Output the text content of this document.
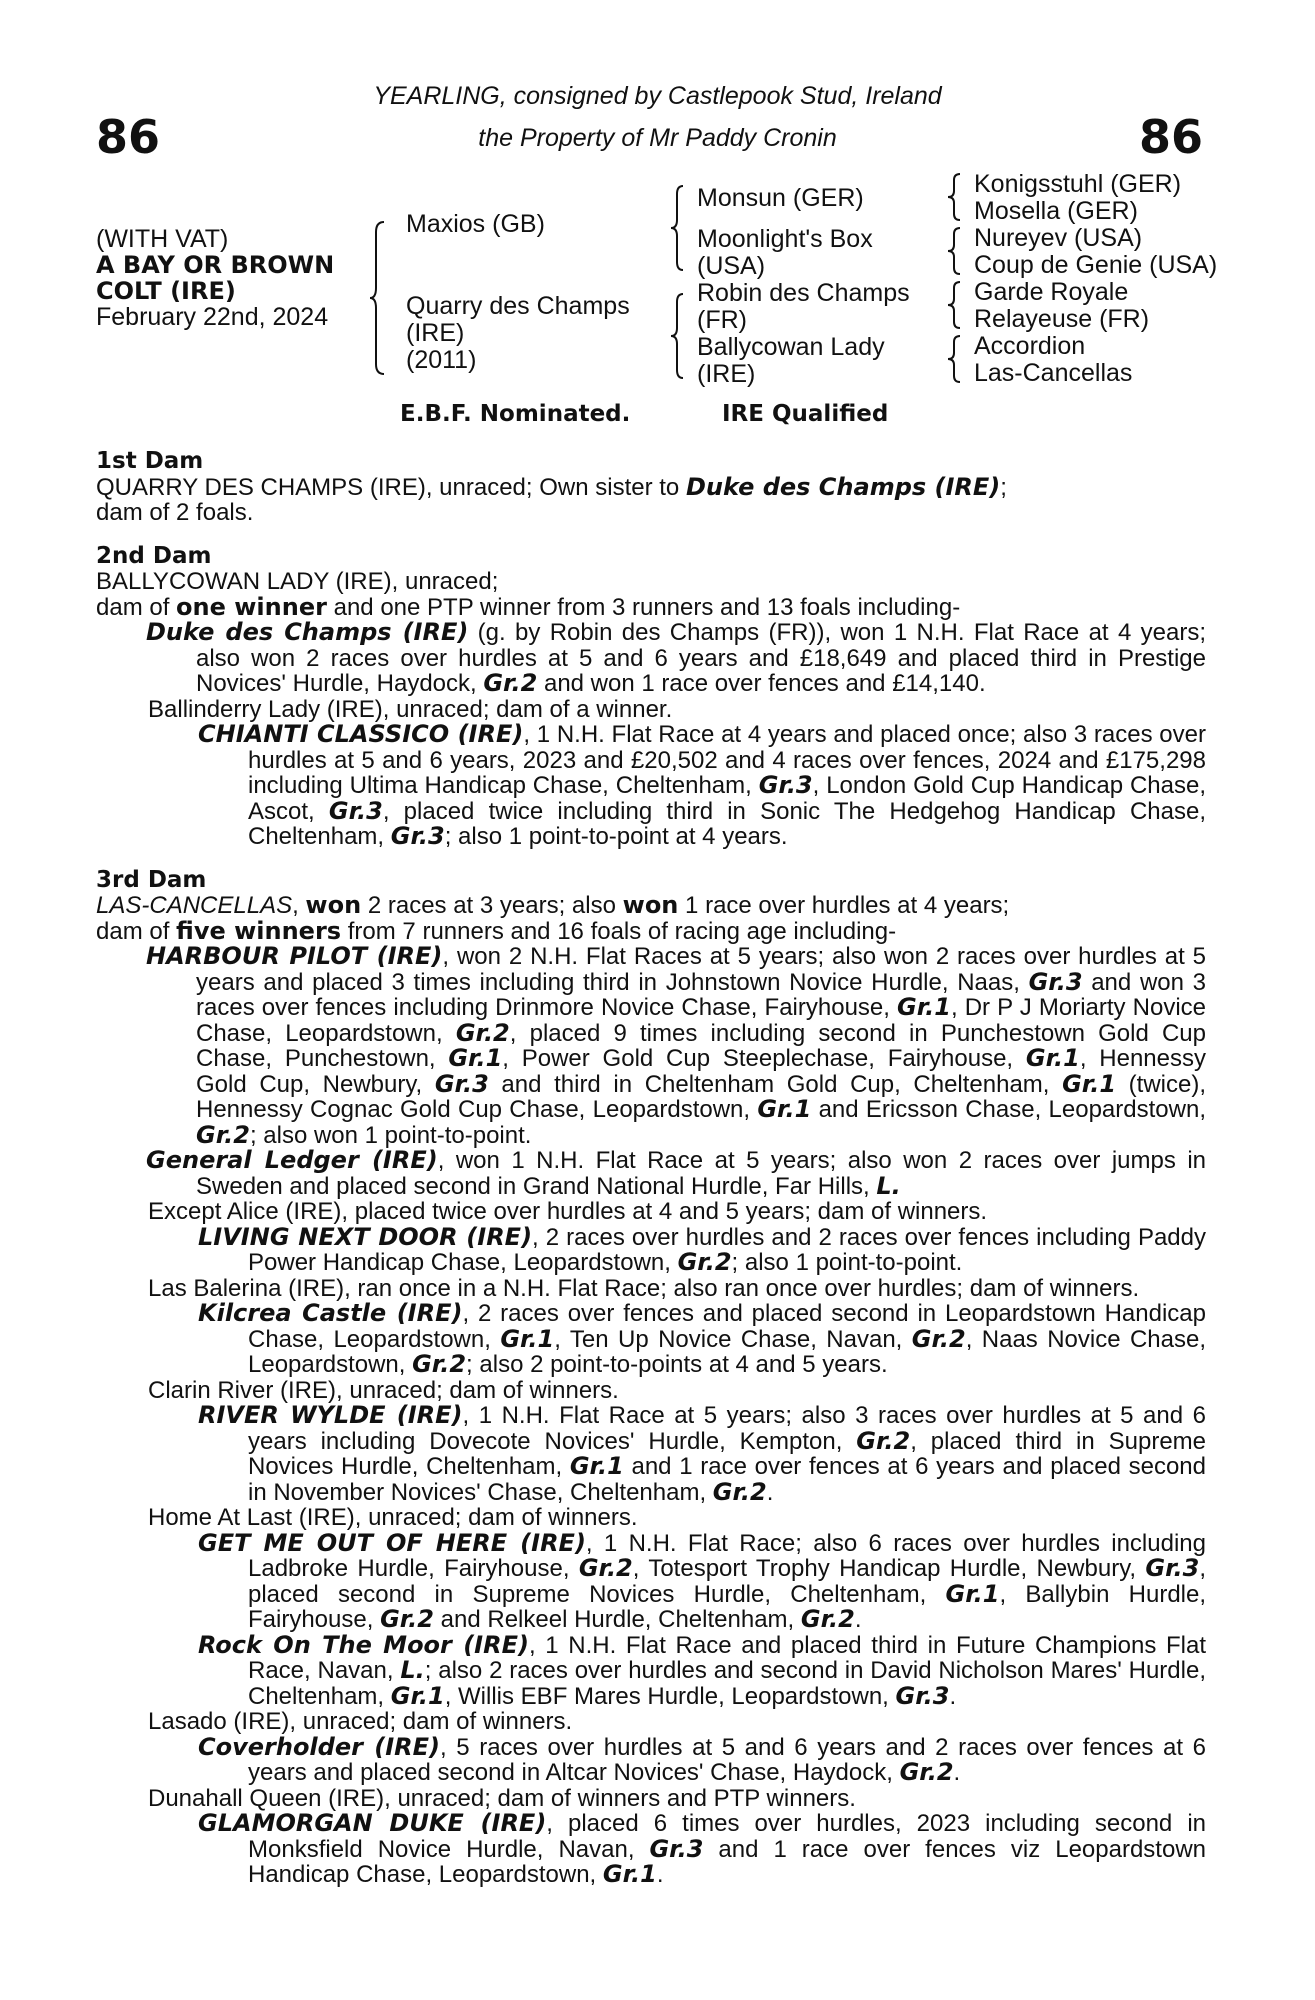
86	86
YEARLING, consigned by Castlepook Stud, Ireland
the Property of Mr Paddy Cronin
(WITH VAT)
A BAY OR BROWN
COLT (IRE)
February 22nd, 2024
Maxios (GB)
Quarry des Champs
(IRE)
(2011)
Monsun (GER)
Moonlight's Box
(USA)
Robin des Champs
(FR)
Ballycowan Lady
(IRE)
Konigsstuhl (GER)
Mosella (GER)
Nureyev (USA)
Coup de Genie (USA)
Garde Royale
Relayeuse (FR)
Accordion
Las-Cancellas
E.B.F. Nominated.	IRE Qualified
1st Dam
QUARRY DES CHAMPS (IRE), unraced; Own sister to Duke des Champs (IRE);
dam of 2 foals.
2nd Dam
BALLYCOWAN LADY (IRE), unraced;
dam of one winner and one PTP winner from 3 runners and 13 foals including-
Duke des Champs (IRE) (g. by Robin des Champs (FR)), won 1 N.H. Flat Race at 4 years; also won 2 races over hurdles at 5 and 6 years and £18,649 and placed third in Prestige Novices' Hurdle, Haydock, Gr.2 and won 1 race over fences and £14,140.
Ballinderry Lady (IRE), unraced; dam of a winner.
CHIANTI CLASSICO (IRE), 1 N.H. Flat Race at 4 years and placed once; also 3 races over hurdles at 5 and 6 years, 2023 and £20,502 and 4 races over fences, 2024 and £175,298 including Ultima Handicap Chase, Cheltenham, Gr.3, London Gold Cup Handicap Chase, Ascot, Gr.3, placed twice including third in Sonic The Hedgehog Handicap Chase, Cheltenham, Gr.3; also 1 point-to-point at 4 years.
3rd Dam
LAS-CANCELLAS, won 2 races at 3 years; also won 1 race over hurdles at 4 years;
dam of five winners from 7 runners and 16 foals of racing age including-
HARBOUR PILOT (IRE), won 2 N.H. Flat Races at 5 years; also won 2 races over hurdles at 5 years and placed 3 times including third in Johnstown Novice Hurdle, Naas, Gr.3 and won 3 races over fences including Drinmore Novice Chase, Fairyhouse, Gr.1, Dr P J Moriarty Novice Chase, Leopardstown, Gr.2, placed 9 times including second in Punchestown Gold Cup Chase, Punchestown, Gr.1, Power Gold Cup Steeplechase, Fairyhouse, Gr.1, Hennessy Gold Cup, Newbury, Gr.3 and third in Cheltenham Gold Cup, Cheltenham, Gr.1 (twice), Hennessy Cognac Gold Cup Chase, Leopardstown, Gr.1 and Ericsson Chase, Leopardstown, Gr.2; also won 1 point-to-point.
General Ledger (IRE), won 1 N.H. Flat Race at 5 years; also won 2 races over jumps in Sweden and placed second in Grand National Hurdle, Far Hills, L.
Except Alice (IRE), placed twice over hurdles at 4 and 5 years; dam of winners.
LIVING NEXT DOOR (IRE), 2 races over hurdles and 2 races over fences including Paddy Power Handicap Chase, Leopardstown, Gr.2; also 1 point-to-point.
Las Balerina (IRE), ran once in a N.H. Flat Race; also ran once over hurdles; dam of winners.
Kilcrea Castle (IRE), 2 races over fences and placed second in Leopardstown Handicap Chase, Leopardstown, Gr.1, Ten Up Novice Chase, Navan, Gr.2, Naas Novice Chase, Leopardstown, Gr.2; also 2 point-to-points at 4 and 5 years.
Clarin River (IRE), unraced; dam of winners.
RIVER WYLDE (IRE), 1 N.H. Flat Race at 5 years; also 3 races over hurdles at 5 and 6 years including Dovecote Novices' Hurdle, Kempton, Gr.2, placed third in Supreme Novices Hurdle, Cheltenham, Gr.1 and 1 race over fences at 6 years and placed second in November Novices' Chase, Cheltenham, Gr.2.
Home At Last (IRE), unraced; dam of winners.
GET ME OUT OF HERE (IRE), 1 N.H. Flat Race; also 6 races over hurdles including Ladbroke Hurdle, Fairyhouse, Gr.2, Totesport Trophy Handicap Hurdle, Newbury, Gr.3, placed second in Supreme Novices Hurdle, Cheltenham, Gr.1, Ballybin Hurdle, Fairyhouse, Gr.2 and Relkeel Hurdle, Cheltenham, Gr.2.
Rock On The Moor (IRE), 1 N.H. Flat Race and placed third in Future Champions Flat Race, Navan, L.; also 2 races over hurdles and second in David Nicholson Mares' Hurdle, Cheltenham, Gr.1, Willis EBF Mares Hurdle, Leopardstown, Gr.3.
Lasado (IRE), unraced; dam of winners.
Coverholder (IRE), 5 races over hurdles at 5 and 6 years and 2 races over fences at 6 years and placed second in Altcar Novices' Chase, Haydock, Gr.2.
Dunahall Queen (IRE), unraced; dam of winners and PTP winners.
GLAMORGAN DUKE (IRE), placed 6 times over hurdles, 2023 including second in Monksfield Novice Hurdle, Navan, Gr.3 and 1 race over fences viz Leopardstown Handicap Chase, Leopardstown, Gr.1.
